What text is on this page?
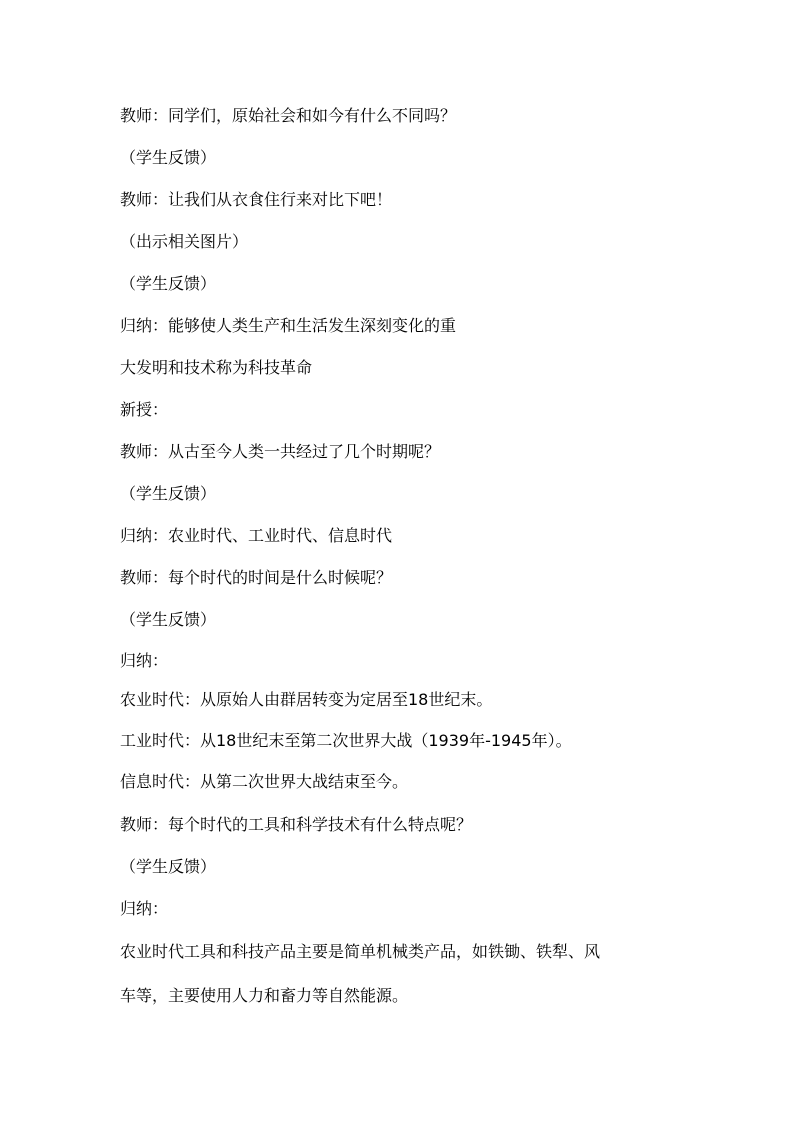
教师：同学们，原始社会和如今有什么不同吗？
（学生反馈）
教师：让我们从衣食住行来对比下吧！
（出示相关图片）
（学生反馈）
归纳：能够使人类生产和生活发生深刻变化的重
大发明和技术称为科技革命
新授：
教师：从古至今人类一共经过了几个时期呢？
（学生反馈）
归纳：农业时代、工业时代、信息时代
教师：每个时代的时间是什么时候呢？
（学生反馈）
归纳：
农业时代：从原始人由群居转变为定居至18世纪末。
工业时代：从18世纪末至第二次世界大战（1939年-1945年）。
信息时代：从第二次世界大战结束至今。
教师：每个时代的工具和科学技术有什么特点呢？
（学生反馈）
归纳：
农业时代工具和科技产品主要是简单机械类产品，如铁锄、铁犁、风
车等，主要使用人力和畜力等自然能源。
